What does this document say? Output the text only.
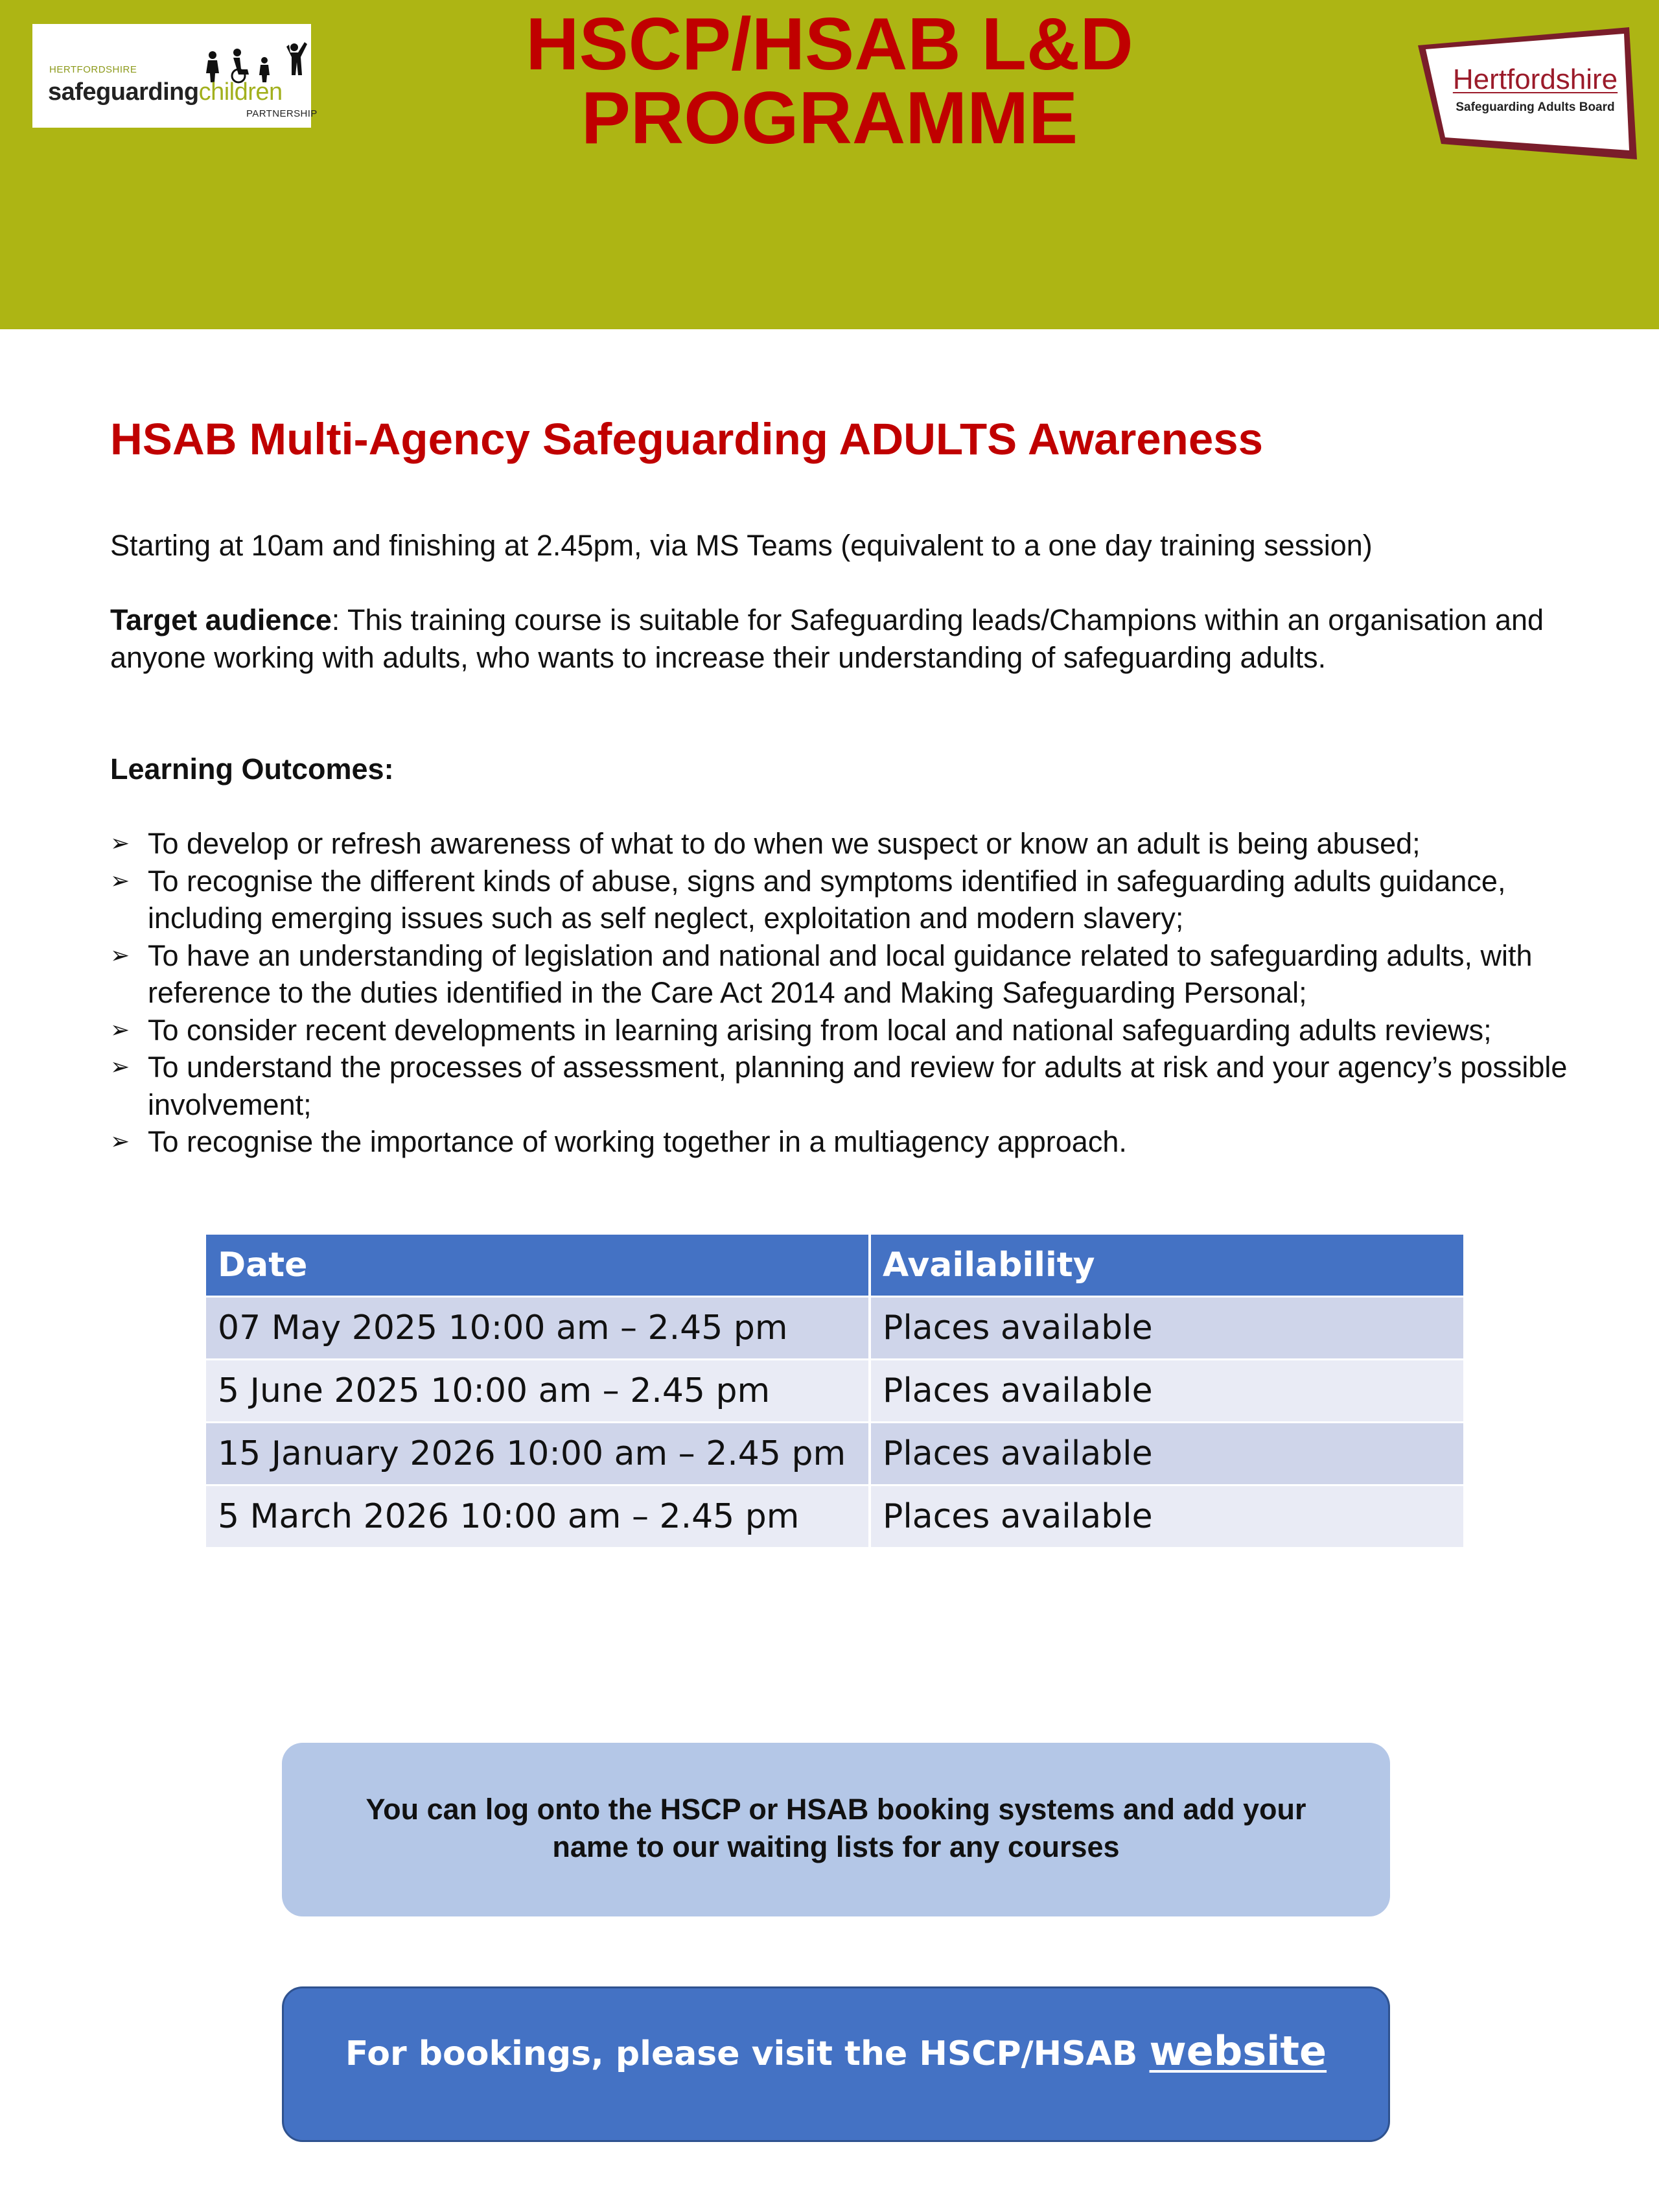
HERTFORDSHIRE
safeguardingchildren
PARTNERSHIP
HSCP/HSAB L&D
PROGRAMME	Hertfordshire
Safeguarding Adults Board
HSAB Multi-Agency Safeguarding ADULTS Awareness

Starting at 10am and finishing at 2.45pm, via MS Teams (equivalent to a one day training session)

Target audience: This training course is suitable for Safeguarding leads/Champions within an organisation and anyone working with adults, who wants to increase their understanding of safeguarding adults.

Learning Outcomes:

➢ To develop or refresh awareness of what to do when we suspect or know an adult is being abused;
➢ To recognise the different kinds of abuse, signs and symptoms identified in safeguarding adults guidance, including emerging issues such as self neglect, exploitation and modern slavery;
➢ To have an understanding of legislation and national and local guidance related to safeguarding adults, with reference to the duties identified in the Care Act 2014 and Making Safeguarding Personal;
➢ To consider recent developments in learning arising from local and national safeguarding adults reviews;
➢ To understand the processes of assessment, planning and review for adults at risk and your agency’s possible involvement;
➢ To recognise the importance of working together in a multiagency approach.
Date	Availability
07 May 2025 10:00 am – 2.45 pm	Places available
5 June 2025 10:00 am – 2.45 pm	Places available
15 January 2026 10:00 am – 2.45 pm	Places available
5 March 2026 10:00 am – 2.45 pm	Places available

You can log onto the HSCP or HSAB booking systems and add your

name to our waiting lists for any courses

For bookings, please visit the HSCP/HSAB website
